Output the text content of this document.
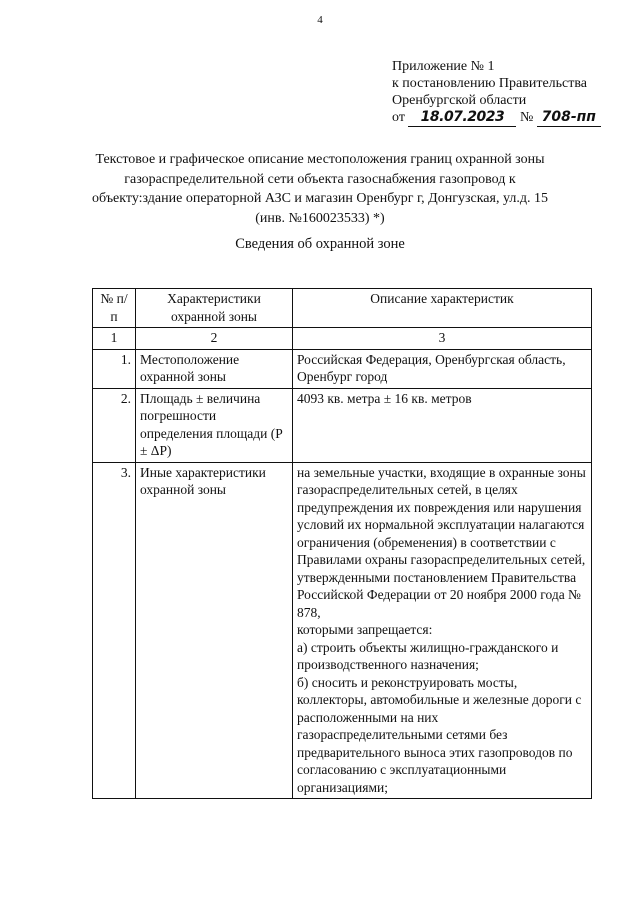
4
Приложение № 1
к постановлению Правительства
Оренбургской области
от 18.07.2023 № 708-пп
Текстовое и графическое описание местоположения границ охранной зоны газораспределительной сети объекта газоснабжения газопровод к объекту:здание операторной АЗС и магазин Оренбург г, Донгузская, ул.д. 15 (инв. №160023533) *)
Сведения об охранной зоне
№ п/п	Характеристики охранной зоны	Описание характеристик
1	2	3
1.	Местоположение охранной зоны	Российская Федерация, Оренбургская область, Оренбург город
2.	Площадь ± величина погрешности определения площади (P ± ΔP)	4093 кв. метра ± 16 кв. метров
3.	Иные характеристики охранной зоны	на земельные участки, входящие в охранные зоны газораспределительных сетей, в целях предупреждения их повреждения или нарушения условий их нормальной эксплуатации налагаются ограничения (обременения) в соответствии с Правилами охраны газораспределительных сетей, утвержденными постановлением Правительства Российской Федерации от 20 ноября 2000 года № 878,
которыми запрещается:
а) строить объекты жилищно-гражданского и производственного назначения;
б) сносить и реконструировать мосты, коллекторы, автомобильные и железные дороги с расположенными на них газораспределительными сетями без предварительного выноса этих газопроводов по согласованию с эксплуатационными организациями;
